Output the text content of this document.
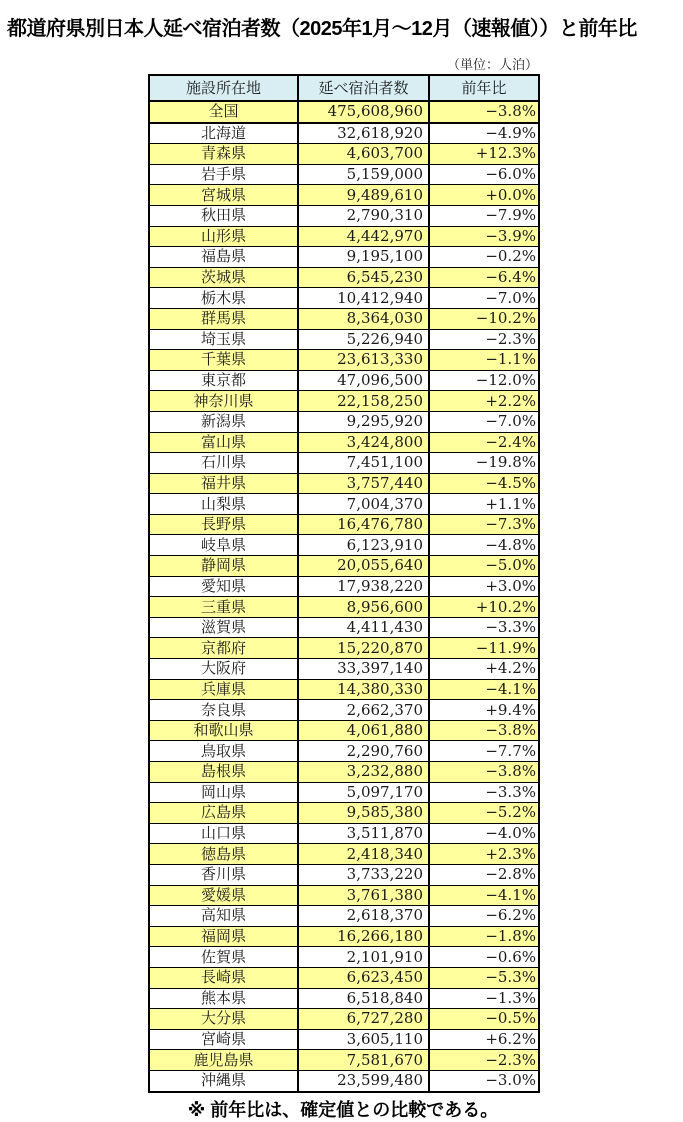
都道府県別日本人延べ宿泊者数（2025年1月～12月（速報値））と前年比
（単位：人泊）
施設所在地	延べ宿泊者数	前年比
全国	475,608,960	−3.8%
北海道	32,618,920	−4.9%
青森県	4,603,700	+12.3%
岩手県	5,159,000	−6.0%
宮城県	9,489,610	+0.0%
秋田県	2,790,310	−7.9%
山形県	4,442,970	−3.9%
福島県	9,195,100	−0.2%
茨城県	6,545,230	−6.4%
栃木県	10,412,940	−7.0%
群馬県	8,364,030	−10.2%
埼玉県	5,226,940	−2.3%
千葉県	23,613,330	−1.1%
東京都	47,096,500	−12.0%
神奈川県	22,158,250	+2.2%
新潟県	9,295,920	−7.0%
富山県	3,424,800	−2.4%
石川県	7,451,100	−19.8%
福井県	3,757,440	−4.5%
山梨県	7,004,370	+1.1%
長野県	16,476,780	−7.3%
岐阜県	6,123,910	−4.8%
静岡県	20,055,640	−5.0%
愛知県	17,938,220	+3.0%
三重県	8,956,600	+10.2%
滋賀県	4,411,430	−3.3%
京都府	15,220,870	−11.9%
大阪府	33,397,140	+4.2%
兵庫県	14,380,330	−4.1%
奈良県	2,662,370	+9.4%
和歌山県	4,061,880	−3.8%
鳥取県	2,290,760	−7.7%
島根県	3,232,880	−3.8%
岡山県	5,097,170	−3.3%
広島県	9,585,380	−5.2%
山口県	3,511,870	−4.0%
徳島県	2,418,340	+2.3%
香川県	3,733,220	−2.8%
愛媛県	3,761,380	−4.1%
高知県	2,618,370	−6.2%
福岡県	16,266,180	−1.8%
佐賀県	2,101,910	−0.6%
長崎県	6,623,450	−5.3%
熊本県	6,518,840	−1.3%
大分県	6,727,280	−0.5%
宮崎県	3,605,110	+6.2%
鹿児島県	7,581,670	−2.3%
沖縄県	23,599,480	−3.0%
※ 前年比は、確定値との比較である。
